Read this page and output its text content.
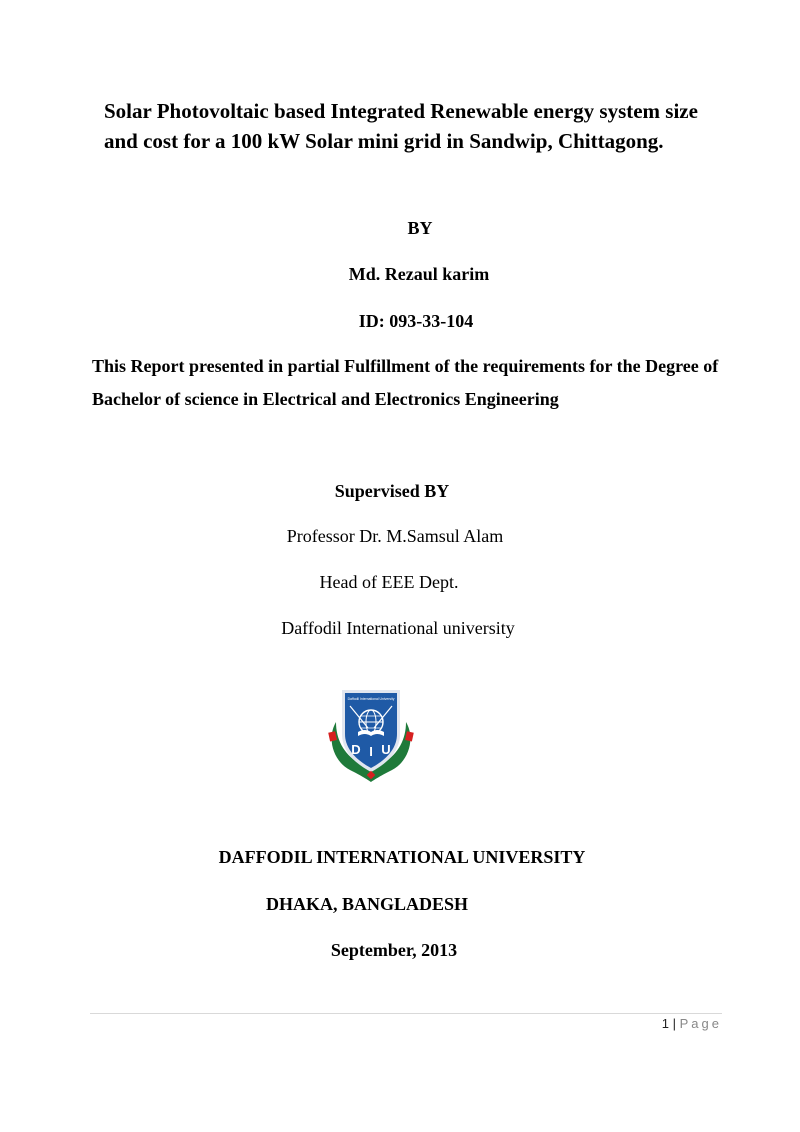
Solar Photovoltaic based Integrated Renewable energy system size
and cost for a 100 kW Solar mini grid in Sandwip, Chittagong.
BY
Md. Rezaul karim
ID: 093-33-104
This Report presented in partial Fulfillment of the requirements for the Degree of
Bachelor of science in Electrical and Electronics Engineering
Supervised BY
Professor Dr. M.Samsul Alam
Head of EEE Dept.
Daffodil International university
D I U
Daffodil International University
DAFFODIL INTERNATIONAL UNIVERSITY
DHAKA, BANGLADESH
September, 2013
1 | Page
